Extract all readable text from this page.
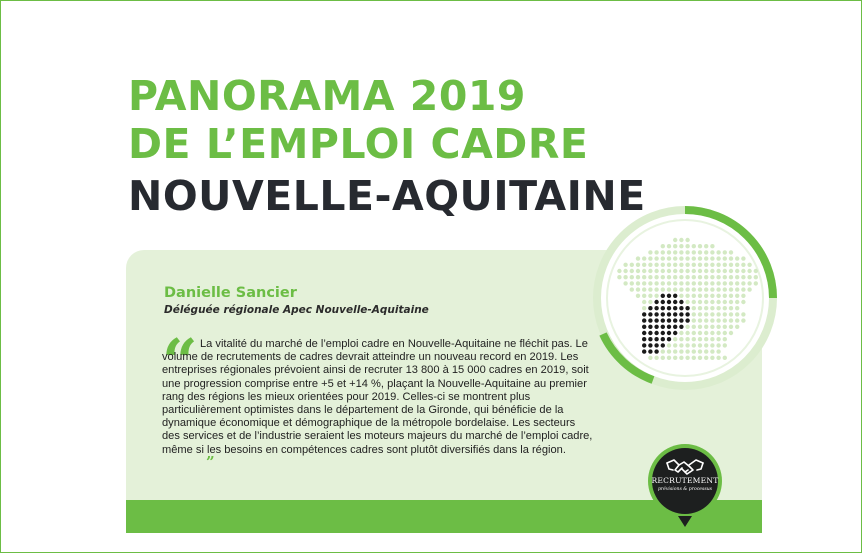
PANORAMA 2019
DE L’EMPLOI CADRE
NOUVELLE-AQUITAINE
Danielle Sancier
Déléguée régionale Apec Nouvelle-Aquitaine
“ La vitalité du marché de l’emploi cadre en Nouvelle-Aquitaine ne fléchit pas. Le volume de recrutements de cadres devrait atteindre un nouveau record en 2019. Les entreprises régionales prévoient ainsi de recruter 13 800 à 15 000 cadres en 2019, soit une progression comprise entre +5 et +14 %, plaçant la Nouvelle-Aquitaine au premier rang des régions les mieux orientées pour 2019. Celles-ci se montrent plus particulièrement optimistes dans le département de la Gironde, qui bénéficie de la dynamique économique et démographique de la métropole bordelaise. Les secteurs des services et de l’industrie seraient les moteurs majeurs du marché de l’emploi cadre, même si les besoins en compétences cadres sont plutôt diversifiés dans la région.”

RECRUTEMENT
prévisions & processus
